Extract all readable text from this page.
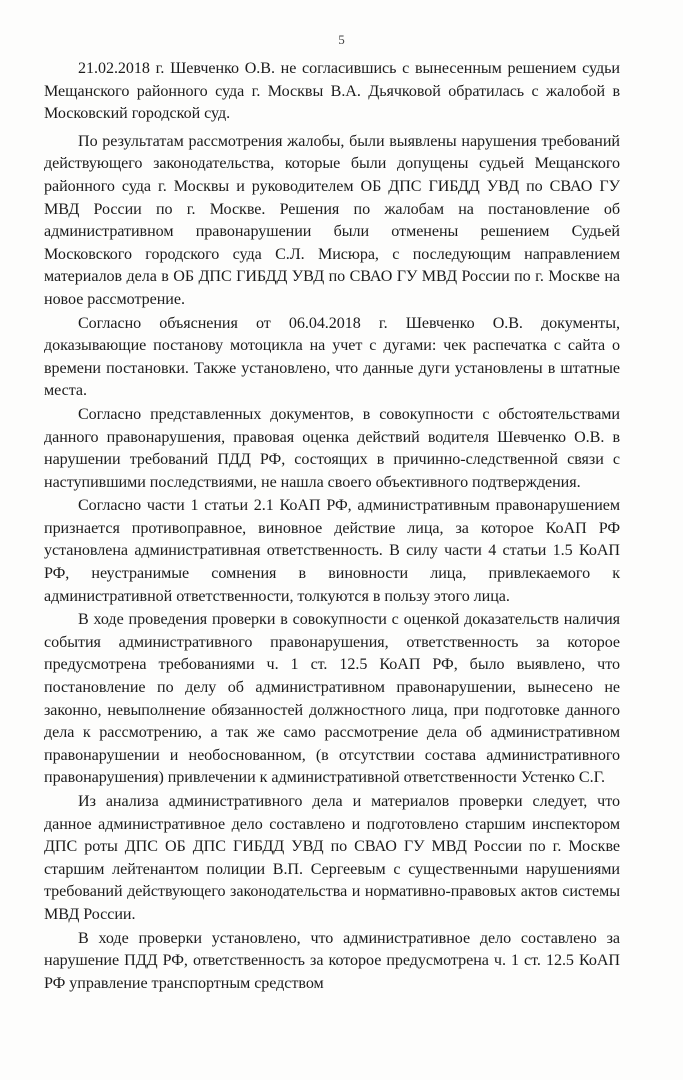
5

21.02.2018 г. Шевченко О.В. не согласившись с вынесенным решением судьи Мещанского районного суда г. Москвы В.А. Дьячковой обратилась с жалобой в Московский городской суд.

По результатам рассмотрения жалобы, были выявлены нарушения требований действующего законодательства, которые были допущены судьей Мещанского районного суда г. Москвы и руководителем ОБ ДПС ГИБДД УВД по СВАО ГУ МВД России по г. Москве. Решения по жалобам на постановление об административном правонарушении были отменены решением Судьей Московского городского суда С.Л. Мисюра, с последующим направлением материалов дела в ОБ ДПС ГИБДД УВД по СВАО ГУ МВД России по г. Москве на новое рассмотрение.

Согласно объяснения от 06.04.2018 г. Шевченко О.В. документы, доказывающие постанову мотоцикла на учет с дугами: чек распечатка с сайта о времени постановки. Также установлено, что данные дуги установлены в штатные места.

Согласно представленных документов, в совокупности с обстоятельствами данного правонарушения, правовая оценка действий водителя Шевченко О.В. в нарушении требований ПДД РФ, состоящих в причинно-следственной связи с наступившими последствиями, не нашла своего объективного подтверждения.

Согласно части 1 статьи 2.1 КоАП РФ, административным правонарушением признается противоправное, виновное действие лица, за которое КоАП РФ установлена административная ответственность. В силу части 4 статьи 1.5 КоАП РФ, неустранимые сомнения в виновности лица, привлекаемого к административной ответственности, толкуются в пользу этого лица.

В ходе проведения проверки в совокупности с оценкой доказательств наличия события административного правонарушения, ответственность за которое предусмотрена требованиями ч. 1 ст. 12.5 КоАП РФ, было выявлено, что постановление по делу об административном правонарушении, вынесено не законно, невыполнение обязанностей должностного лица, при подготовке данного дела к рассмотрению, а так же само рассмотрение дела об административном правонарушении и необоснованном, (в отсутствии состава административного правонарушения) привлечении к административной ответственности Устенко С.Г.

Из анализа административного дела и материалов проверки следует, что данное административное дело составлено и подготовлено старшим инспектором ДПС роты ДПС ОБ ДПС ГИБДД УВД по СВАО ГУ МВД России по г. Москве старшим лейтенантом полиции В.П. Сергеевым с существенными нарушениями требований действующего законодательства и нормативно-правовых актов системы МВД России.

В ходе проверки установлено, что административное дело составлено за нарушение ПДД РФ, ответственность за которое предусмотрена ч. 1 ст. 12.5 КоАП РФ управление транспортным средством
